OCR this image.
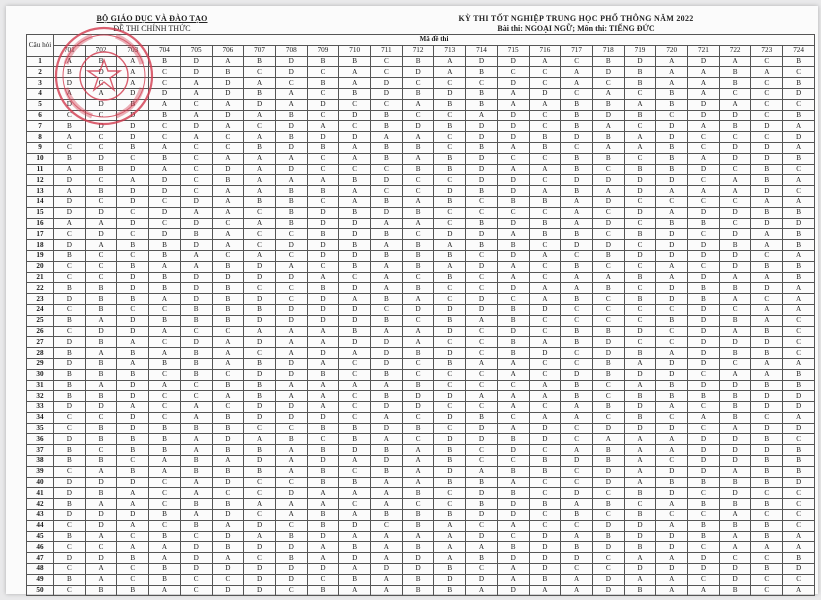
BỘ GIÁO DỤC VÀ ĐÀO TẠO
ĐỀ THI CHÍNH THỨC
KỲ THI TỐT NGHIỆP TRUNG HỌC PHỔ THÔNG NĂM 2022
Bài thi: NGOẠI NGỮ; Môn thi: TIẾNG ĐỨC
Câu hỏi	Mã đề thi																							
	701	702	703	704	705	706	707	708	709	710	711	712	713	714	715	716	717	718	719	720	721	722	723	724
1	A	B	A	B	D	A	B	D	B	B	C	B	A	D	D	A	C	B	D	A	D	A	C	B
2	B	D	A	C	D	B	C	D	C	A	C	D	A	B	C	C	A	D	B	A	A	B	A	C
3	D	C	A	C	A	D	A	C	B	A	D	C	C	C	D	C	A	C	B	A	A	B	C	B
4	A	A	D	D	A	D	B	A	C	B	D	B	D	B	A	D	C	A	C	B	A	C	C	D
5	D	D	B	A	C	A	D	A	D	C	C	A	B	B	A	A	B	B	A	B	D	A	C	C
6	C	C	D	B	A	D	A	B	C	D	B	C	C	A	D	C	B	D	B	C	D	D	C	B
7	B	D	D	C	D	A	C	D	A	C	B	D	B	D	D	C	B	A	C	D	A	B	D	A
8	A	C	D	C	A	C	A	B	D	D	A	A	C	D	D	B	D	B	A	D	C	C	C	D
9	C	C	B	A	C	C	B	D	B	A	B	B	C	B	A	B	C	A	A	B	C	D	D	A
10	B	D	C	B	C	A	A	A	C	A	B	A	B	D	C	C	B	B	C	B	A	D	D	B
11	A	B	D	A	C	D	A	D	C	C	C	B	B	D	A	A	B	C	B	B	D	C	B	C
12	D	C	A	D	C	B	A	A	A	B	D	C	C	D	D	C	D	D	D	D	C	A	B	A
13	A	B	D	D	C	A	A	B	B	A	C	C	D	B	D	A	B	A	D	A	A	A	D	C
14	D	C	D	C	D	A	B	B	C	A	B	A	B	C	B	B	A	D	C	C	C	C	A	A
15	D	D	C	D	A	A	C	B	D	B	D	B	C	C	C	C	A	C	D	A	D	D	B	B
16	A	A	D	C	D	C	A	B	D	D	A	A	C	B	D	B	A	D	C	B	B	C	D	D
17	C	D	C	D	B	A	C	C	B	D	B	C	D	D	A	B	B	C	B	D	C	D	A	B
18	D	A	B	B	D	A	C	D	D	B	A	B	A	B	B	C	D	D	C	D	D	B	A	B
19	B	C	C	B	A	C	A	C	D	D	B	B	B	C	D	A	C	B	D	D	D	D	C	A
20	C	C	B	A	A	B	D	A	C	B	A	B	A	D	A	C	B	C	C	A	C	D	B	B
21	C	C	D	B	D	D	D	D	A	C	A	C	B	C	A	C	A	A	B	A	D	A	A	B
22	B	B	D	B	D	B	C	C	B	D	A	B	C	C	D	A	A	B	C	D	B	B	D	A
23	D	B	B	A	D	B	D	C	D	A	B	A	C	D	C	A	B	C	B	D	B	A	C	A
24	C	B	C	C	B	B	B	D	D	D	C	D	D	D	B	D	C	C	C	C	D	C	A	A
25	B	A	D	B	B	B	D	D	D	D	B	C	B	A	B	C	C	C	C	B	D	B	A	C
26	C	D	D	A	C	C	A	A	A	B	A	A	D	C	D	C	B	B	D	C	D	A	B	C
27	D	B	A	C	D	A	D	A	A	D	D	A	C	C	B	A	B	D	C	C	D	D	D	C
28	B	A	B	A	B	A	C	A	D	A	D	B	D	C	B	D	C	D	B	A	D	B	B	C
29	D	B	A	B	B	A	B	D	A	C	D	C	B	A	A	C	C	B	A	D	D	C	A	A
30	B	B	B	C	B	C	D	D	B	C	B	C	C	C	A	C	D	B	D	D	C	A	A	B
31	B	A	D	A	C	B	B	A	A	A	A	B	C	C	C	A	B	C	A	B	D	D	B	B
32	B	B	D	C	C	A	B	A	A	C	B	D	D	A	A	A	B	C	B	B	B	B	D	D
33	D	D	A	C	A	C	D	D	A	C	D	D	C	C	A	C	A	B	D	A	C	B	D	D
34	C	C	D	C	A	B	D	D	D	C	A	C	D	B	C	A	A	C	B	C	A	B	C	A
35	C	B	D	B	B	B	C	C	B	B	D	B	C	D	A	D	C	D	D	D	C	A	D	D
36	D	B	B	B	A	D	A	B	C	B	A	C	D	D	B	D	C	A	A	A	D	D	B	C
37	B	C	B	B	A	B	B	A	B	D	B	A	B	C	D	C	A	B	A	A	D	D	D	B
38	B	B	C	A	B	A	D	A	D	A	D	A	B	C	C	B	D	B	A	C	D	D	B	B
39	C	A	B	A	B	B	B	A	B	C	B	A	D	A	B	B	C	D	A	D	D	A	B	B
40	D	D	D	C	A	D	C	C	B	B	A	A	B	B	A	C	C	D	A	B	B	B	B	D
41	D	B	A	C	A	C	C	D	A	A	A	B	C	D	B	C	D	C	B	D	C	D	C	C
42	B	A	A	C	B	B	A	A	A	C	A	C	C	B	D	B	A	B	C	A	B	B	B	C
43	D	D	D	B	A	D	C	A	B	A	B	B	B	D	D	C	B	C	B	C	C	A	C	C
44	C	D	A	C	B	A	D	C	B	D	C	B	A	C	A	C	C	D	D	A	B	B	B	C
45	B	A	C	B	C	D	A	B	D	A	A	A	A	D	C	D	A	B	D	D	B	A	B	A
46	C	C	A	A	D	B	D	D	A	B	A	B	A	A	B	D	B	D	B	D	C	A	A	A
47	D	D	B	A	D	A	C	B	A	D	A	D	A	B	D	D	D	C	A	A	D	C	C	B
48	C	A	C	B	D	D	D	D	D	A	D	D	B	C	A	D	C	C	D	D	D	D	B	D
49	B	A	C	B	C	C	D	D	C	B	A	B	D	D	A	B	A	D	A	A	C	D	C	C
50	C	B	B	A	C	D	D	C	B	A	A	B	B	A	D	A	A	D	B	A	A	B	C	A
